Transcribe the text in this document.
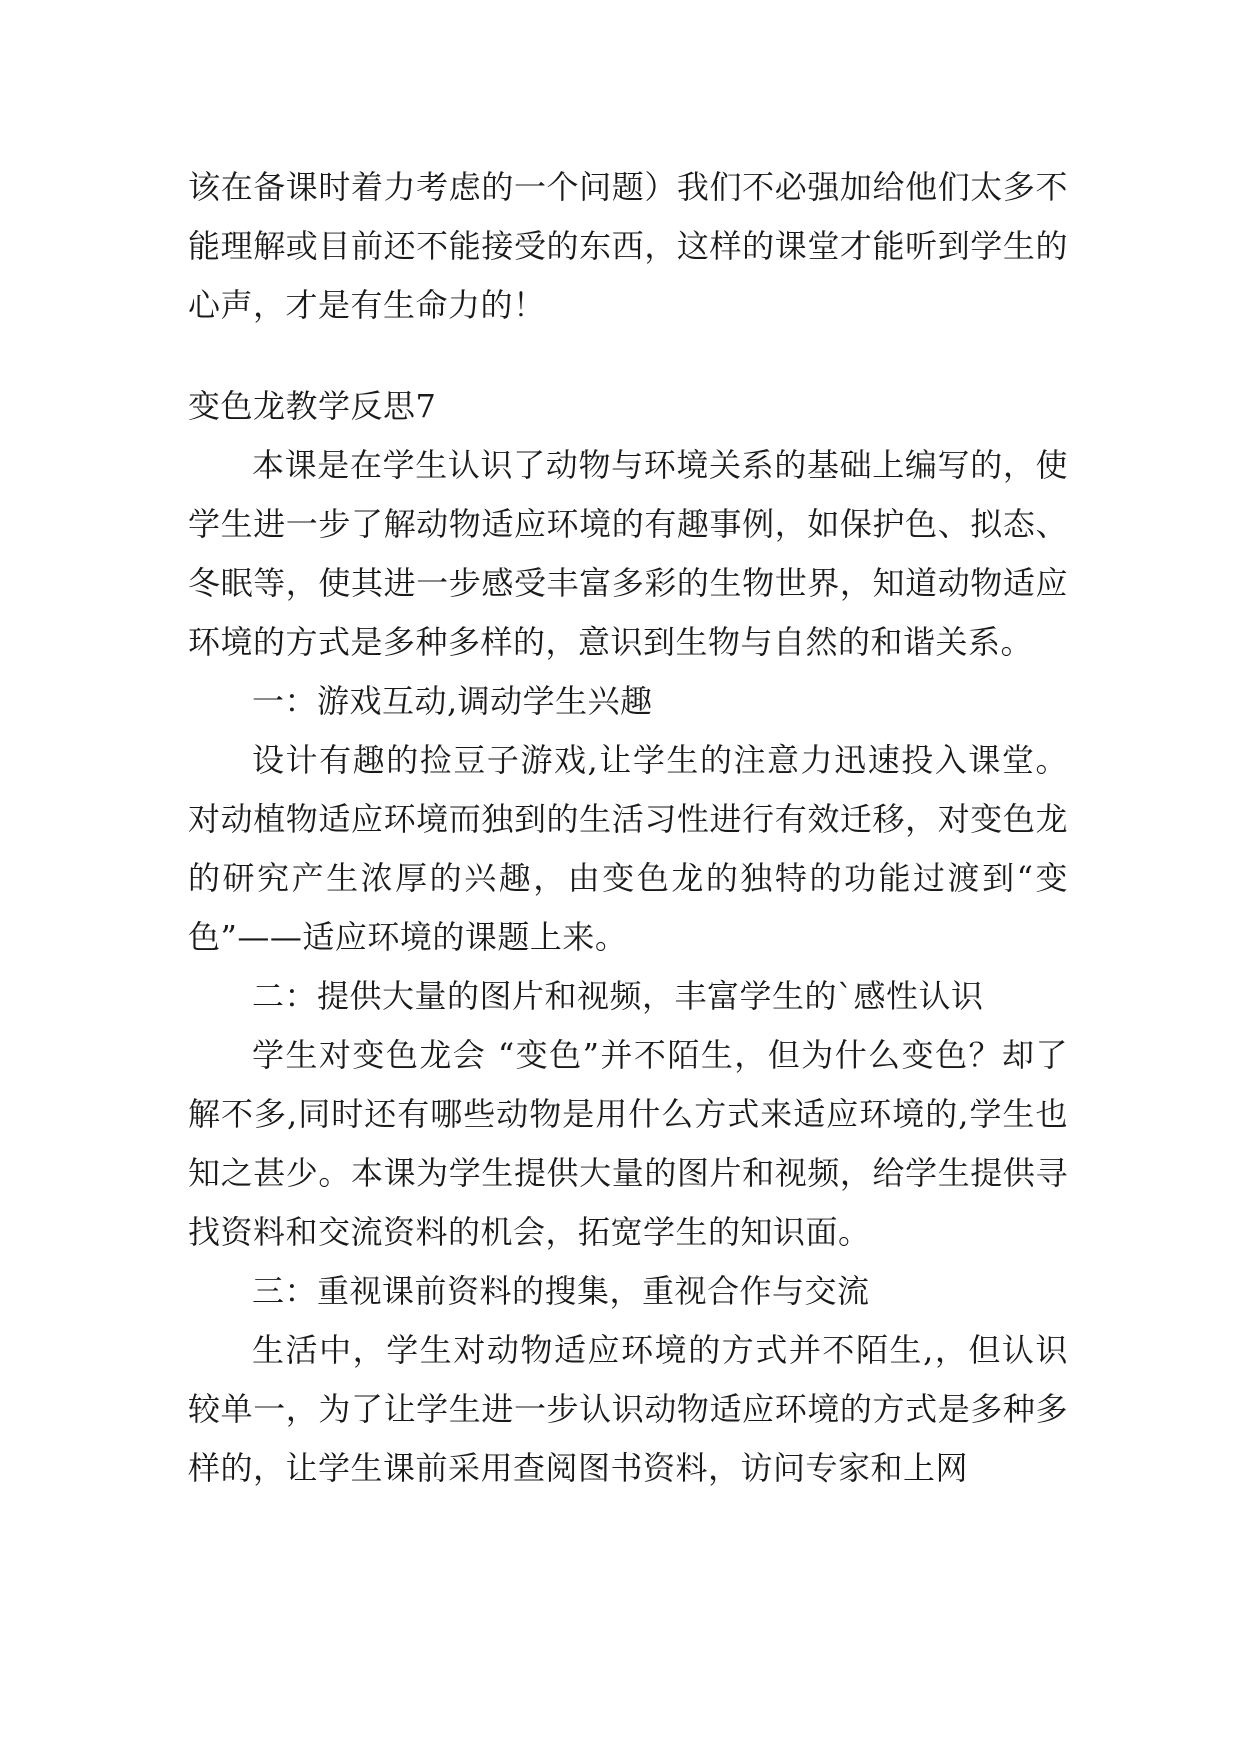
该在备课时着力考虑的一个问题）我们不必强加给他们太多不能理解或目前还不能接受的东西，这样的课堂才能听到学生的心声，才是有生命力的！

变色龙教学反思7

本课是在学生认识了动物与环境关系的基础上编写的，使学生进一步了解动物适应环境的有趣事例，如保护色、拟态、冬眠等，使其进一步感受丰富多彩的生物世界，知道动物适应环境的方式是多种多样的，意识到生物与自然的和谐关系。

一：游戏互动,调动学生兴趣

设计有趣的捡豆子游戏,让学生的注意力迅速投入课堂。对动植物适应环境而独到的生活习性进行有效迁移，对变色龙的研究产生浓厚的兴趣，由变色龙的独特的功能过渡到“变色”——适应环境的课题上来。

二：提供大量的图片和视频，丰富学生的`感性认识

学生对变色龙会 “变色”并不陌生，但为什么变色？却了解不多,同时还有哪些动物是用什么方式来适应环境的,学生也知之甚少。本课为学生提供大量的图片和视频，给学生提供寻找资料和交流资料的机会，拓宽学生的知识面。

三：重视课前资料的搜集，重视合作与交流

生活中，学生对动物适应环境的方式并不陌生,，但认识较单一，为了让学生进一步认识动物适应环境的方式是多种多样的，让学生课前采用查阅图书资料，访问专家和上网
